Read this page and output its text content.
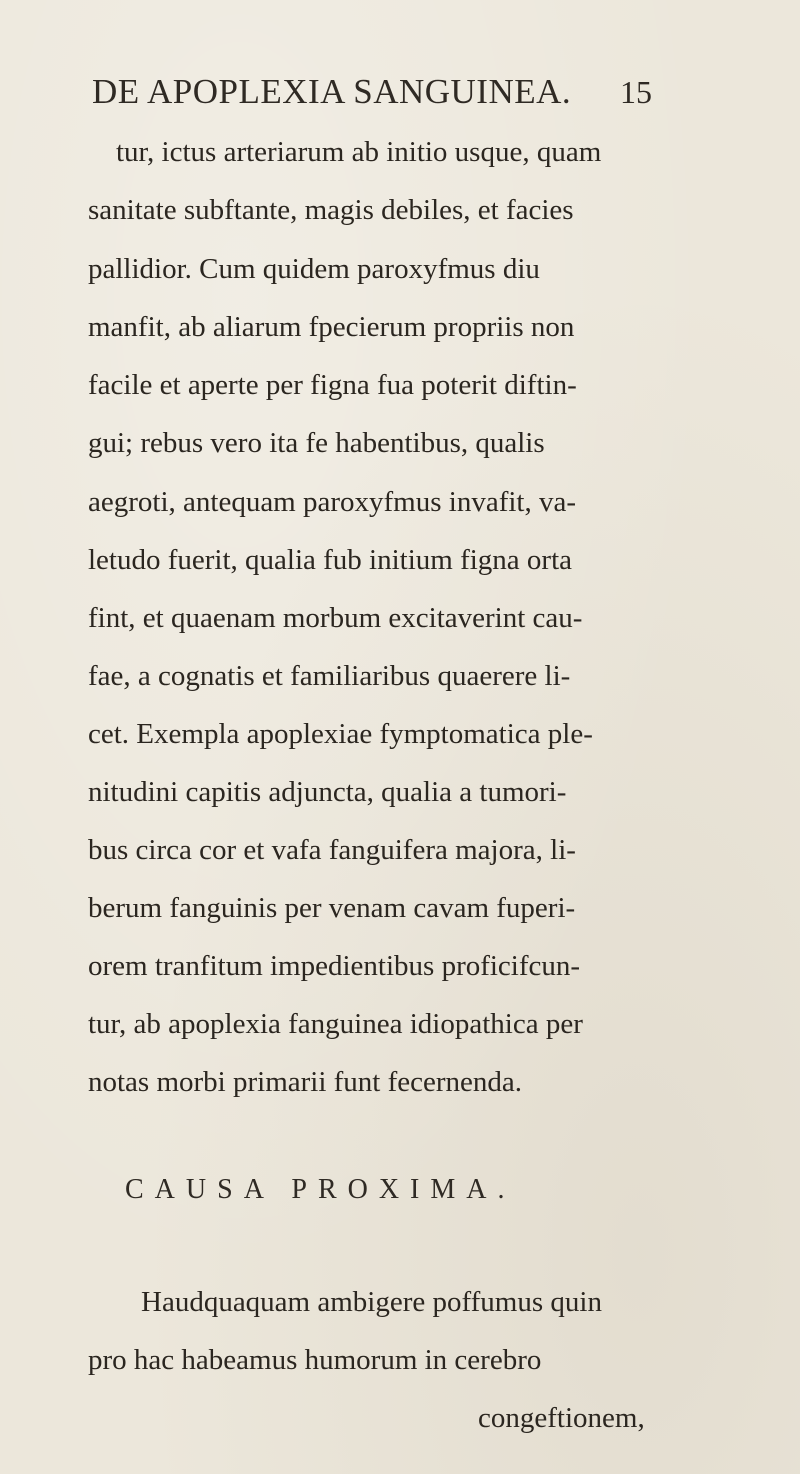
DE APOPLEXIA SANGUINEA. 15
tur, ictus arteriarum ab initio usque, quam
sanitate subftante, magis debiles, et facies
pallidior. Cum quidem paroxyfmus diu
manfit, ab aliarum fpecierum propriis non
facile et aperte per figna fua poterit diftin-
gui; rebus vero ita fe habentibus, qualis
aegroti, antequam paroxyfmus invafit, va-
letudo fuerit, qualia fub initium figna orta
fint, et quaenam morbum excitaverint cau-
fae, a cognatis et familiaribus quaerere li-
cet. Exempla apoplexiae fymptomatica ple-
nitudini capitis adjuncta, qualia a tumori-
bus circa cor et vafa fanguifera majora, li-
berum fanguinis per venam cavam fuperi-
orem tranfitum impedientibus proficifcun-
tur, ab apoplexia fanguinea idiopathica per
notas morbi primarii funt fecernenda.
CAUSA PROXIMA.
Haudquaquam ambigere poffumus quin
pro hac habeamus humorum in cerebro
congeftionem,
